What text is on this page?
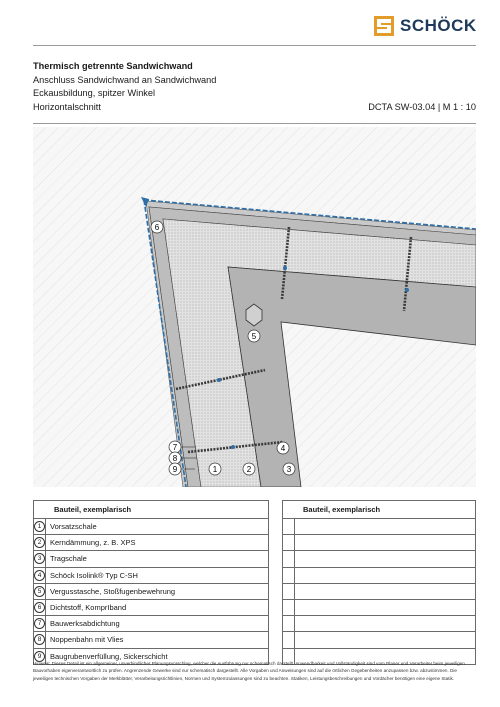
SCHÖCK
Thermisch getrennte Sandwichwand
Anschluss Sandwichwand an Sandwichwand
Eckausbildung, spitzer Winkel
Horizontalschnitt	DCTA SW-03.04 | M 1 : 10
6
5
4
7
8
9	1	2	3
Bauteil, exemplarisch			Bauteil, exemplarisch	
1	Vorsatzschale			
2	Kerndämmung, z. B. XPS			
3	Tragschale			
4	Schöck Isolink® Typ C-SH			
5	Vergusstasche, Stoßfugenbewehrung			
6	Dichtstoff, KomprIband			
7	Bauwerksabdichtung			
8	Noppenbahn mit Vlies			
9	Baugrubenverfüllung, Sickerschicht			
Hinweis: Dieses Detail ist ein allgemeiner, unverbindlicher Planungsvorschlag, welcher die Ausführung nur schematisch darstellt. Anwendbarkeit und Vollständigkeit sind vom Planer und Verarbeiter beim jeweiligen Bauvorhaben eigenverantwortlich zu prüfen. Angrenzende Gewerke sind nur schematisch dargestellt. Alle Vorgaben und Anweisungen sind auf die örtlichen Gegebenheiten anzupassen bzw. abzustimmen. Die jeweiligen technischen Vorgaben der Merkblätter, Verarbeitungsrichtlinien, Normen und Systemzulassungen sind zu beachten. Statiken, Leistungsbeschreibungen und Vordächer benötigen eine eigene Statik.
